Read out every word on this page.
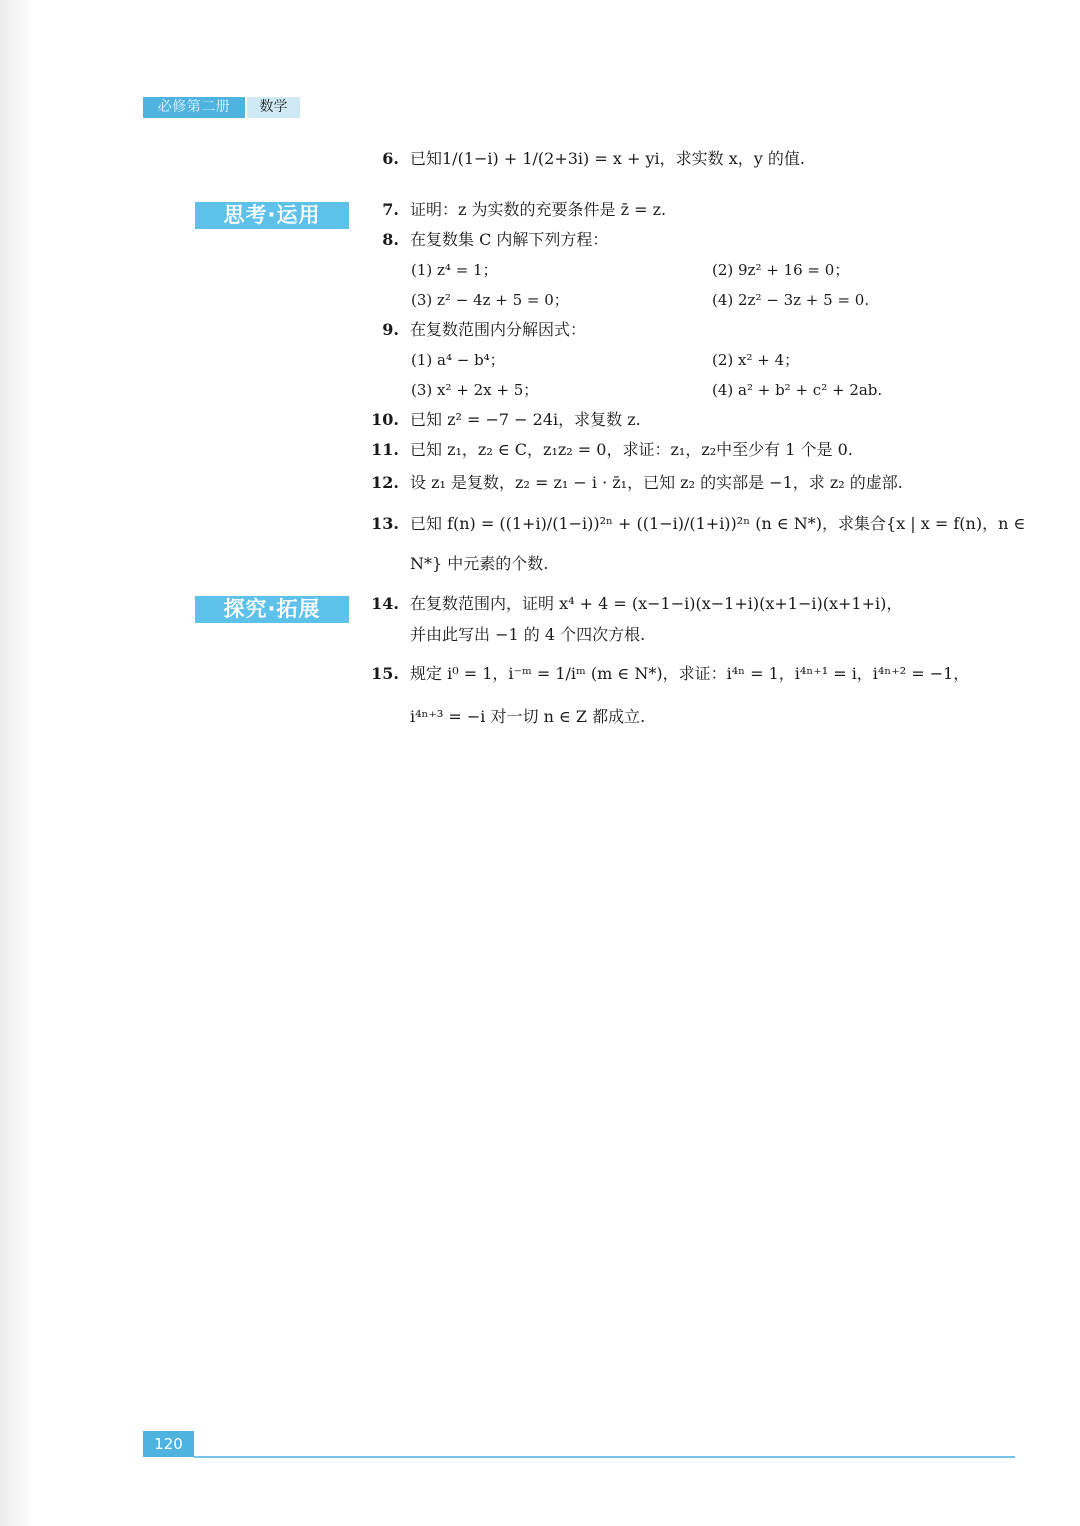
必修第二册	数学
思考·运用
探究·拓展
6. 已知1/(1−i) + 1/(2+3i) = x + yi，求实数 x，y 的值.
7. 证明：z 为实数的充要条件是 z̄ = z.
8. 在复数集 C 内解下列方程：
(1) z⁴ = 1；	(2) 9z² + 16 = 0；
(3) z² − 4z + 5 = 0；	(4) 2z² − 3z + 5 = 0.
9. 在复数范围内分解因式：
(1) a⁴ − b⁴；	(2) x² + 4；
(3) x² + 2x + 5；	(4) a² + b² + c² + 2ab.
10. 已知 z² = −7 − 24i，求复数 z.
11. 已知 z₁，z₂ ∈ C，z₁z₂ = 0，求证：z₁，z₂中至少有 1 个是 0.
12. 设 z₁ 是复数，z₂ = z₁ − i · z̄₁，已知 z₂ 的实部是 −1，求 z₂ 的虚部.
13. 已知 f(n) = ((1+i)/(1−i))²ⁿ + ((1−i)/(1+i))²ⁿ (n ∈ N*)，求集合{x | x = f(n)，n ∈
N*} 中元素的个数.
14. 在复数范围内，证明 x⁴ + 4 = (x−1−i)(x−1+i)(x+1−i)(x+1+i)，
并由此写出 −1 的 4 个四次方根.
15. 规定 i⁰ = 1，i⁻ᵐ = 1/iᵐ (m ∈ N*)，求证：i⁴ⁿ = 1，i⁴ⁿ⁺¹ = i，i⁴ⁿ⁺² = −1，
i⁴ⁿ⁺³ = −i 对一切 n ∈ Z 都成立.
120
